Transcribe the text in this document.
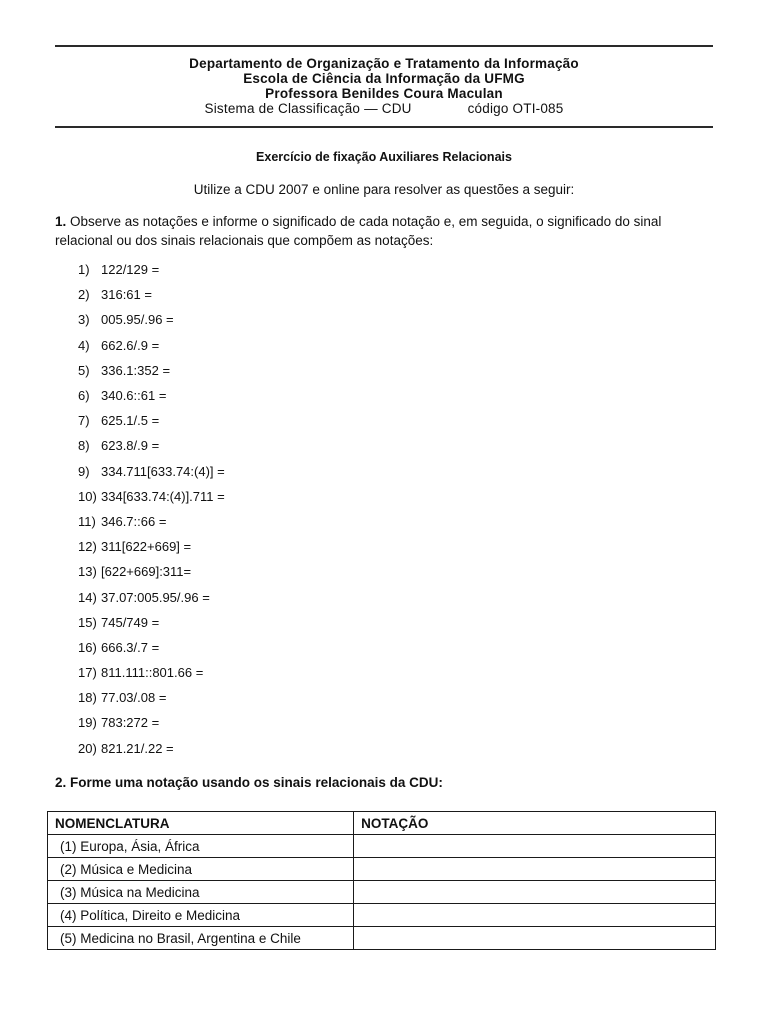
Departamento de Organização e Tratamento da Informação
Escola de Ciência da Informação da UFMG
Professora Benildes Coura Maculan
Sistema de Classificação — CDU	código OTI-085
Exercício de fixação Auxiliares Relacionais
Utilize a CDU 2007 e online para resolver as questões a seguir:
1. Observe as notações e informe o significado de cada notação e, em seguida, o significado do sinal relacional ou dos sinais relacionais que compõem as notações:
1) 122/129 =
2) 316:61 =
3) 005.95/.96 =
4) 662.6/.9 =
5) 336.1:352 =
6) 340.6::61 =
7) 625.1/.5 =
8) 623.8/.9 =
9) 334.711[633.74:(4)] =
10) 334[633.74:(4)].711 =
11) 346.7::66 =
12) 311[622+669] =
13) [622+669]:311=
14) 37.07:005.95/.96 =
15) 745/749 =
16) 666.3/.7 =
17) 811.111::801.66 =
18) 77.03/.08 =
19) 783:272 =
20) 821.21/.22 =
2. Forme uma notação usando os sinais relacionais da CDU:
NOMENCLATURA	NOTAÇÃO
(1) Europa, Ásia, África	
(2) Música e Medicina	
(3) Música na Medicina	
(4) Política, Direito e Medicina	
(5) Medicina no Brasil, Argentina e Chile	
